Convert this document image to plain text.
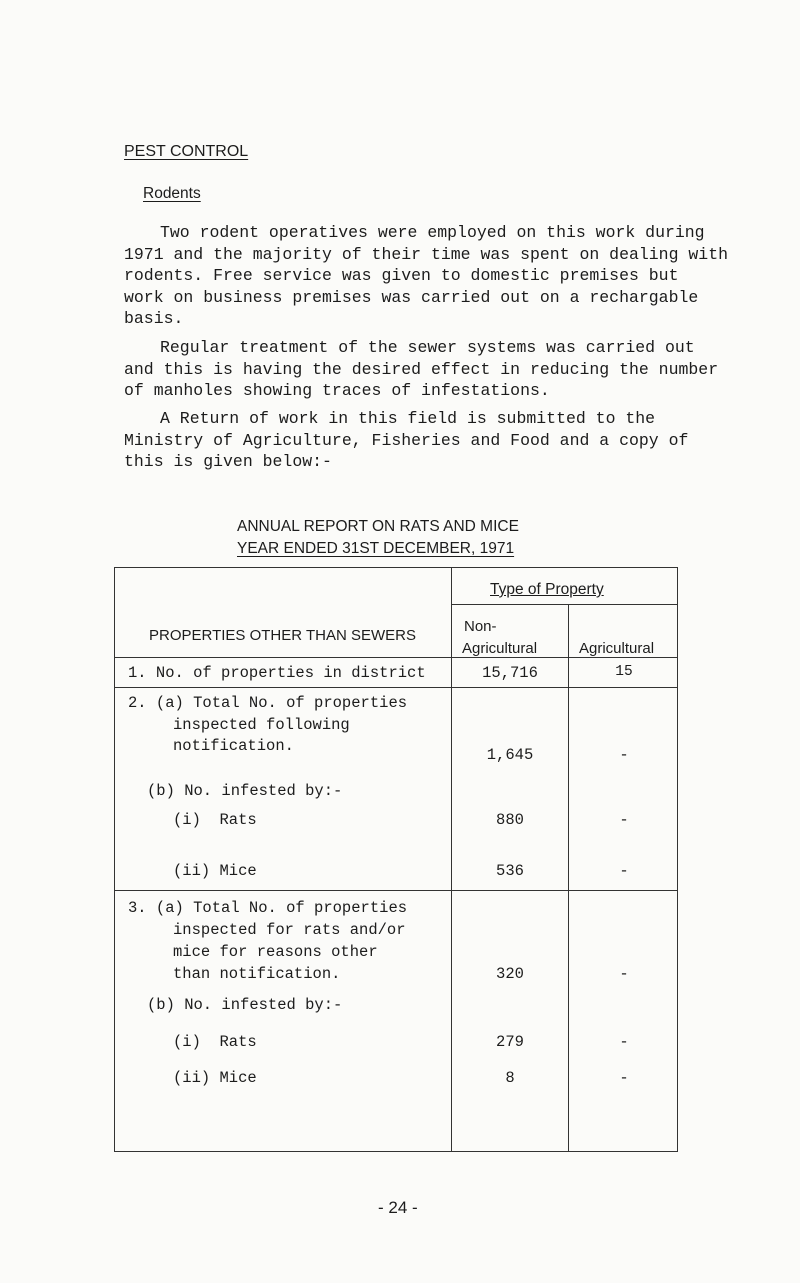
PEST CONTROL
Rodents
Two rodent operatives were employed on this work during
1971 and the majority of their time was spent on dealing with
rodents. Free service was given to domestic premises but
work on business premises was carried out on a rechargable
basis.
Regular treatment of the sewer systems was carried out
and this is having the desired effect in reducing the number
of manholes showing traces of infestations.
A Return of work in this field is submitted to the
Ministry of Agriculture, Fisheries and Food and a copy of
this is given below:-
ANNUAL REPORT ON RATS AND MICE
YEAR ENDED 31ST DECEMBER, 1971
PROPERTIES OTHER THAN SEWERS
Type of Property
Non-
Agricultural	Agricultural
1. No. of properties in district	15,716	15
2. (a) Total No. of properties
inspected following
notification.	1,645	-
(b) No. infested by:-
(i)  Rats	880	-
(ii) Mice	536	-
3. (a) Total No. of properties
inspected for rats and/or
mice for reasons other
than notification.	320	-
(b) No. infested by:-
(i)  Rats	279	-
(ii) Mice	8	-
- 24 -
